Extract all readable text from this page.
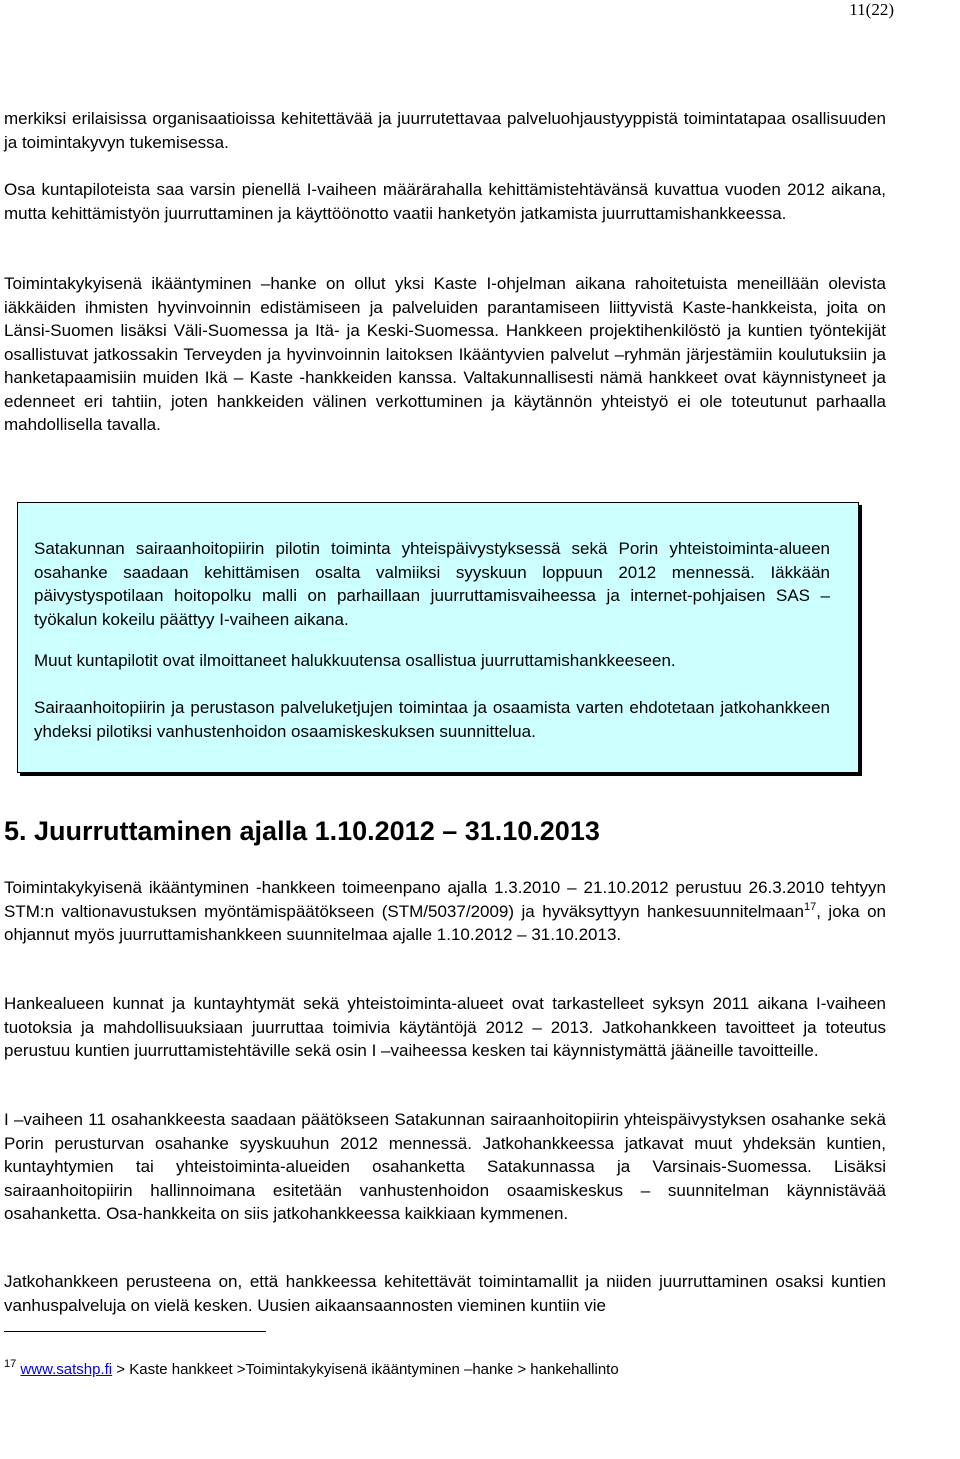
11(22)

merkiksi erilaisissa organisaatioissa kehitettävää ja juurrutettavaa palveluohjaustyyppistä toimintatapaa osallisuuden ja toimintakyvyn tukemisessa.

Osa kuntapiloteista saa varsin pienellä I-vaiheen määrärahalla kehittämistehtävänsä kuvattua vuoden 2012 aikana, mutta kehittämistyön juurruttaminen ja käyttöönotto vaatii hanketyön jatkamista juurruttamishankkeessa.

Toimintakykyisenä ikääntyminen –hanke on ollut yksi Kaste I-ohjelman aikana rahoitetuista meneillään olevista iäkkäiden ihmisten hyvinvoinnin edistämiseen ja palveluiden parantamiseen liittyvistä Kaste-hankkeista, joita on Länsi-Suomen lisäksi Väli-Suomessa ja Itä- ja Keski-Suomessa. Hankkeen projektihenkilöstö ja kuntien työntekijät osallistuvat jatkossakin Terveyden ja hyvinvoinnin laitoksen Ikääntyvien palvelut –ryhmän järjestämiin koulutuksiin ja hanketapaamisiin muiden Ikä – Kaste -hankkeiden kanssa. Valtakunnallisesti nämä hankkeet ovat käynnistyneet ja edenneet eri tahtiin, joten hankkeiden välinen verkottuminen ja käytännön yhteistyö ei ole toteutunut parhaalla mahdollisella tavalla.

Satakunnan sairaanhoitopiirin pilotin toiminta yhteispäivystyksessä sekä Porin yhteistoiminta-alueen osahanke saadaan kehittämisen osalta valmiiksi syyskuun loppuun 2012 mennessä. Iäkkään päivystyspotilaan hoitopolku malli on parhaillaan juurruttamisvaiheessa ja internet-pohjaisen SAS –työkalun kokeilu päättyy I-vaiheen aikana.

Muut kuntapilotit ovat ilmoittaneet halukkuutensa osallistua juurruttamishankkeeseen.

Sairaanhoitopiirin ja perustason palveluketjujen toimintaa ja osaamista varten ehdotetaan jatkohankkeen yhdeksi pilotiksi vanhustenhoidon osaamiskeskuksen suunnittelua.

5. Juurruttaminen ajalla 1.10.2012 – 31.10.2013

Toimintakykyisenä ikääntyminen -hankkeen toimeenpano ajalla 1.3.2010 – 21.10.2012 perustuu 26.3.2010 tehtyyn STM:n valtionavustuksen myöntämispäätökseen (STM/5037/2009) ja hyväksyttyyn hankesuunnitelmaan$^{17}$, joka on ohjannut myös juurruttamishankkeen suunnitelmaa ajalle 1.10.2012 – 31.10.2013.

Hankealueen kunnat ja kuntayhtymät sekä yhteistoiminta-alueet ovat tarkastelleet syksyn 2011 aikana I-vaiheen tuotoksia ja mahdollisuuksiaan juurruttaa toimivia käytäntöjä 2012 – 2013. Jatkohankkeen tavoitteet ja toteutus perustuu kuntien juurruttamistehtäville sekä osin I –vaiheessa kesken tai käynnistymättä jääneille tavoitteille.

I –vaiheen 11 osahankkeesta saadaan päätökseen Satakunnan sairaanhoitopiirin yhteispäivystyksen osahanke sekä Porin perusturvan osahanke syyskuuhun 2012 mennessä. Jatkohankkeessa jatkavat muut yhdeksän kuntien, kuntayhtymien tai yhteistoiminta-alueiden osahanketta Satakunnassa ja Varsinais-Suomessa. Lisäksi sairaanhoitopiirin hallinnoimana esitetään vanhustenhoidon osaamiskeskus – suunnitelman käynnistävää osahanketta. Osa-hankkeita on siis jatkohankkeessa kaikkiaan kymmenen.

Jatkohankkeen perusteena on, että hankkeessa kehitettävät toimintamallit ja niiden juurruttaminen osaksi kuntien vanhuspalveluja on vielä kesken. Uusien aikaansaannosten vieminen kuntiin vie

$^{17}$ www.satshp.fi > Kaste hankkeet >Toimintakykyisenä ikääntyminen –hanke > hankehallinto
